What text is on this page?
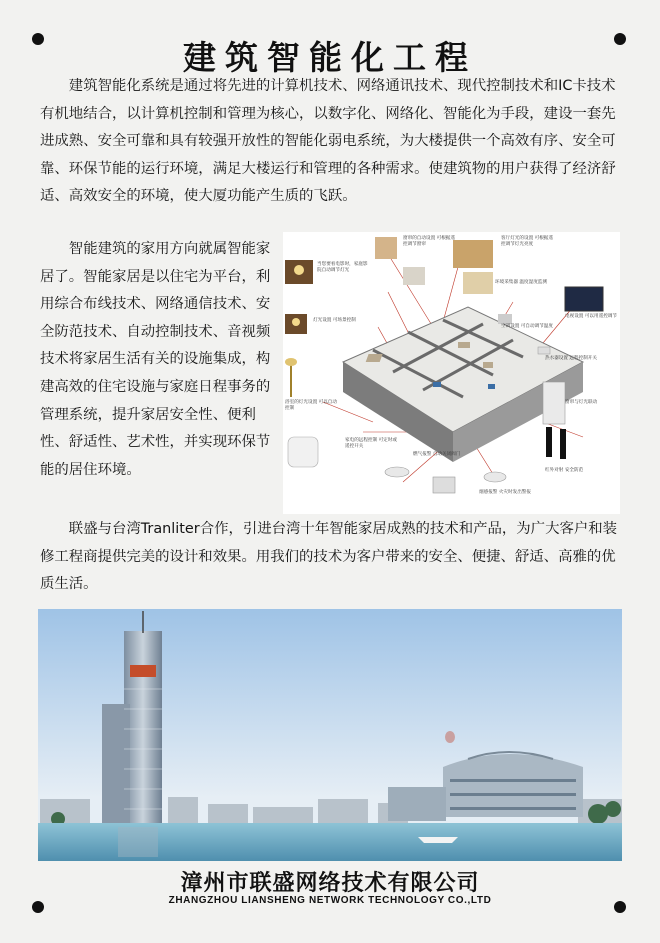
建筑智能化工程

建筑智能化系统是通过将先进的计算机技术、网络通讯技术、现代控制技术和IC卡技术有机地结合，以计算机控制和管理为核心，以数字化、网络化、智能化为手段，建设一套先进成熟、安全可靠和具有较强开放性的智能化弱电系统，为大楼提供一个高效有序、安全可靠、环保节能的运行环境，满足大楼运行和管理的各种需求。使建筑物的用户获得了经济舒适、高效安全的环境，使大厦功能产生质的飞跃。

智能建筑的家用方向就属智能家居了。智能家居是以住宅为平台，利用综合布线技术、网络通信技术、安全防范技术、自动控制技术、音视频技术将家居生活有关的设施集成，构建高效的住宅设施与家庭日程事务的管理系统，提升家居安全性、便利性、舒适性、艺术性，并实现环保节能的居住环境。

窗帘的自动设置 可根据遥控调节窗帘
客厅灯光的设置 可根据遥控调节灯光亮度
当您要看电影时，家庭影院自动调节灯光
环境采集器 温度湿度监测
电视设置 可以用遥控调节
空调设置 可自动调节温度
灯光设置 可场景控制
热水器设置 远程控制开关
浴室的灯光设置 可以自动控制
窗帘与灯光联动
家电的远程控制 可定时或遥控开关
燃气报警 自动关闭阀门
烟感报警 火灾时发出警报
红外对射 安全防范

联盛与台湾Tranliter合作，引进台湾十年智能家居成熟的技术和产品，为广大客户和装修工程商提供完美的设计和效果。用我们的技术为客户带来的安全、便捷、舒适、高雅的优质生活。

漳州市联盛网络技术有限公司
ZHANGZHOU LIANSHENG NETWORK TECHNOLOGY CO.,LTD
